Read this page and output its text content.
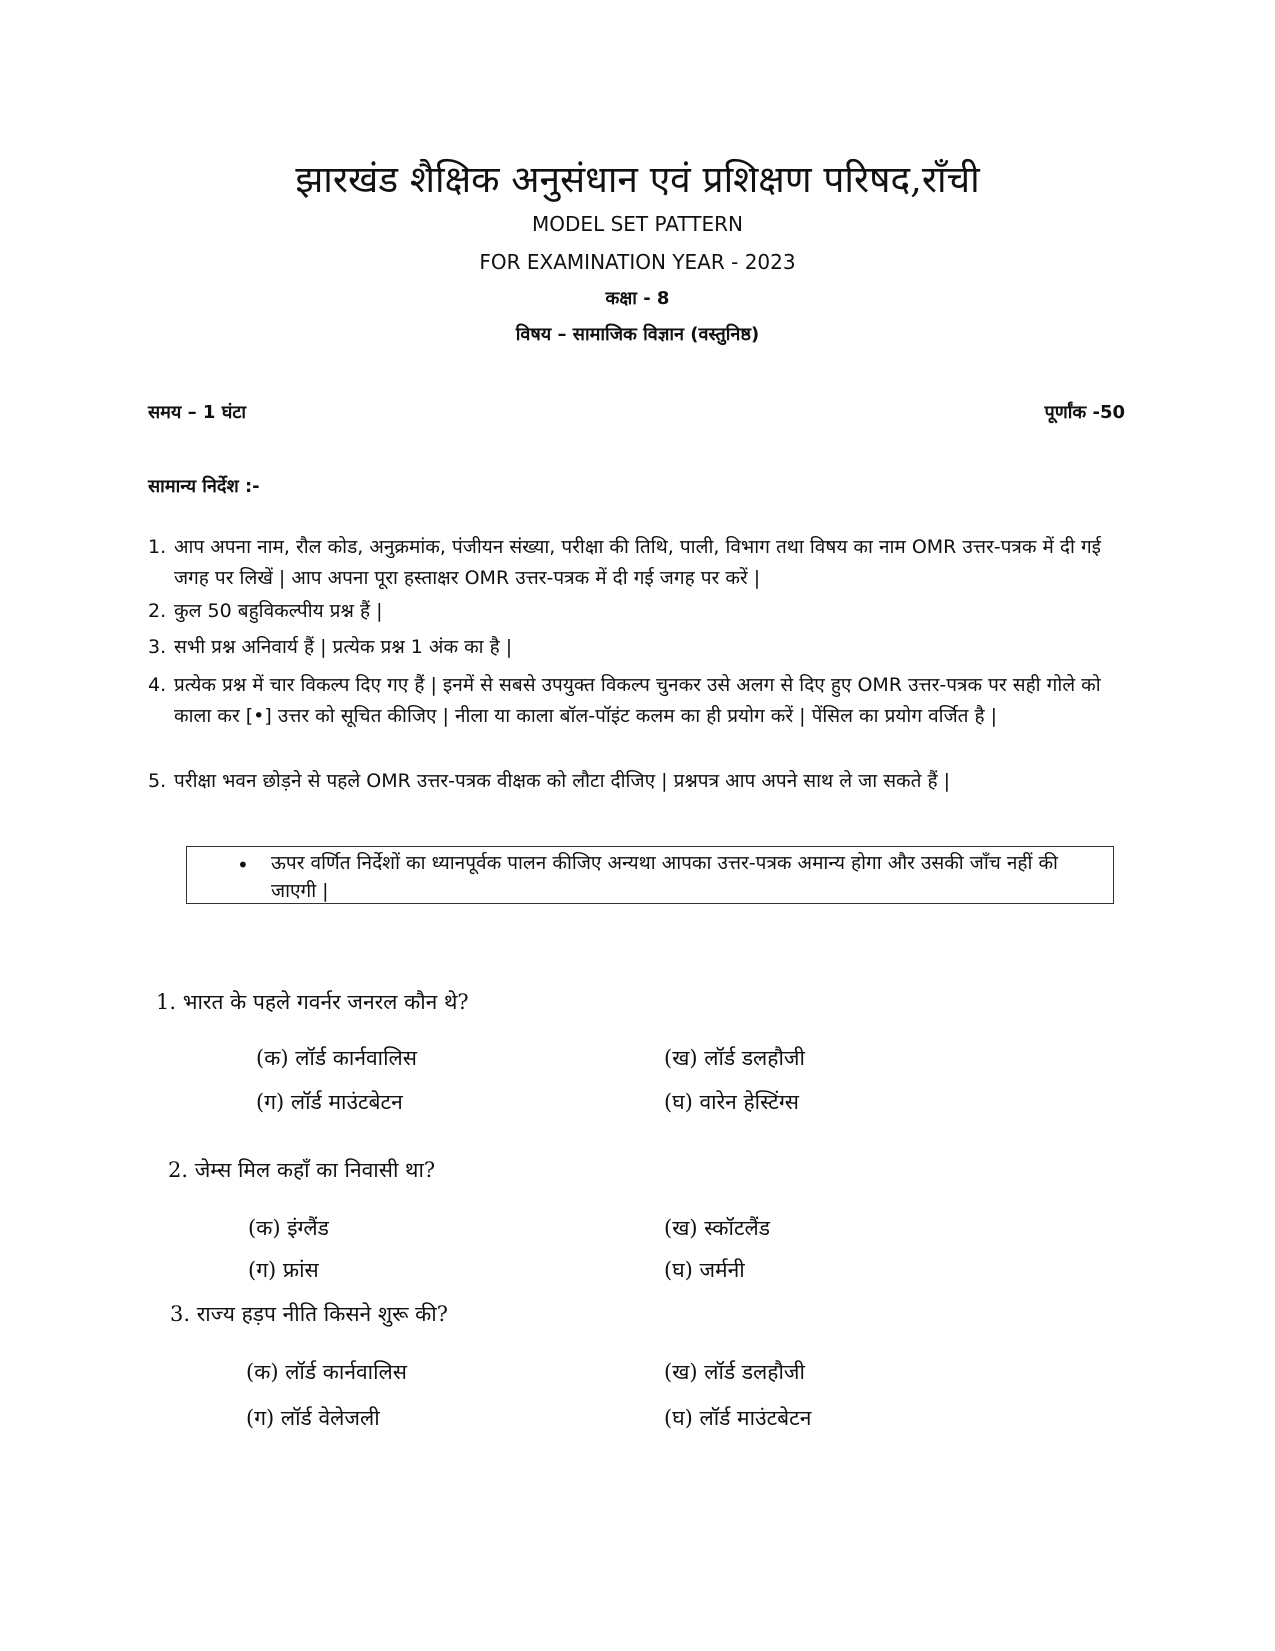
झारखंड शैक्षिक अनुसंधान एवं प्रशिक्षण परिषद,राँची
MODEL SET PATTERN
FOR EXAMINATION YEAR - 2023
कक्षा - 8
विषय – सामाजिक विज्ञान (वस्तुनिष्ठ)
समय – 1 घंटा	पूर्णांक -50
सामान्य निर्देश :-
1. आप अपना नाम, रौल कोड, अनुक्रमांक, पंजीयन संख्या, परीक्षा की तिथि, पाली, विभाग तथा विषय का नाम OMR उत्तर-पत्रक में दी गई जगह पर लिखें | आप अपना पूरा हस्ताक्षर OMR उत्तर-पत्रक में दी गई जगह पर करें |
2. कुल 50 बहुविकल्पीय प्रश्न हैं |
3. सभी प्रश्न अनिवार्य हैं | प्रत्येक प्रश्न 1 अंक का है |
4. प्रत्येक प्रश्न में चार विकल्प दिए गए हैं | इनमें से सबसे उपयुक्त विकल्प चुनकर उसे अलग से दिए हुए OMR उत्तर-पत्रक पर सही गोले को काला कर [•] उत्तर को सूचित कीजिए | नीला या काला बॉल-पॉइंट कलम का ही प्रयोग करें | पेंसिल का प्रयोग वर्जित है |
5. परीक्षा भवन छोड़ने से पहले OMR उत्तर-पत्रक वीक्षक को लौटा दीजिए | प्रश्नपत्र आप अपने साथ ले जा सकते हैं |
• ऊपर वर्णित निर्देशों का ध्यानपूर्वक पालन कीजिए अन्यथा आपका उत्तर-पत्रक अमान्य होगा और उसकी जाँच नहीं की जाएगी |
1. भारत के पहले गवर्नर जनरल कौन थे?
(क) लॉर्ड कार्नवालिस	(ख) लॉर्ड डलहौजी
(ग) लॉर्ड माउंटबेटन	(घ) वारेन हेस्टिंग्स
2. जेम्स मिल कहाँ का निवासी था?
(क) इंग्लैंड	(ख) स्कॉटलैंड
(ग) फ्रांस	(घ) जर्मनी
3. राज्य हड़प नीति किसने शुरू की?
(क) लॉर्ड कार्नवालिस	(ख) लॉर्ड डलहौजी
(ग) लॉर्ड वेलेजली	(घ) लॉर्ड माउंटबेटन
